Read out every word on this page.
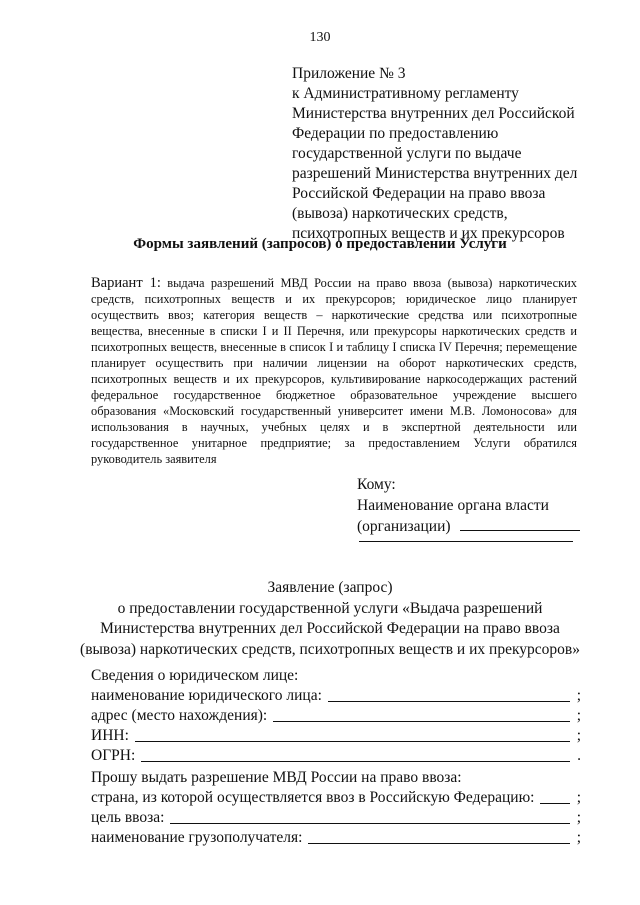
130
Приложение № 3
к Административному регламенту
Министерства внутренних дел Российской
Федерации по предоставлению
государственной услуги по выдаче
разрешений Министерства внутренних дел
Российской Федерации на право ввоза
(вывоза) наркотических средств,
психотропных веществ и их прекурсоров
Формы заявлений (запросов) о предоставлении Услуги
Вариант 1: выдача разрешений МВД России на право ввоза (вывоза) наркотических средств, психотропных веществ и их прекурсоров; юридическое лицо планирует осуществить ввоз; категория веществ – наркотические средства или психотропные вещества, внесенные в списки I и II Перечня, или прекурсоры наркотических средств и психотропных веществ, внесенные в список I и таблицу I списка IV Перечня; перемещение планирует осуществить при наличии лицензии на оборот наркотических средств, психотропных веществ и их прекурсоров, культивирование наркосодержащих растений федеральное государственное бюджетное образовательное учреждение высшего образования «Московский государственный университет имени М.В. Ломоносова» для использования в научных, учебных целях и в экспертной деятельности или государственное унитарное предприятие; за предоставлением Услуги обратился руководитель заявителя
Кому:
Наименование органа власти
(организации)
Заявление (запрос)
о предоставлении государственной услуги «Выдача разрешений
Министерства внутренних дел Российской Федерации на право ввоза
(вывоза) наркотических средств, психотропных веществ и их прекурсоров»
Сведения о юридическом лице:
наименование юридического лица:	;
адрес (место нахождения):	;
ИНН:	;
ОГРН:	.
Прошу выдать разрешение МВД России на право ввоза:
страна, из которой осуществляется ввоз в Российскую Федерацию:	;
цель ввоза:	;
наименование грузополучателя:	;
